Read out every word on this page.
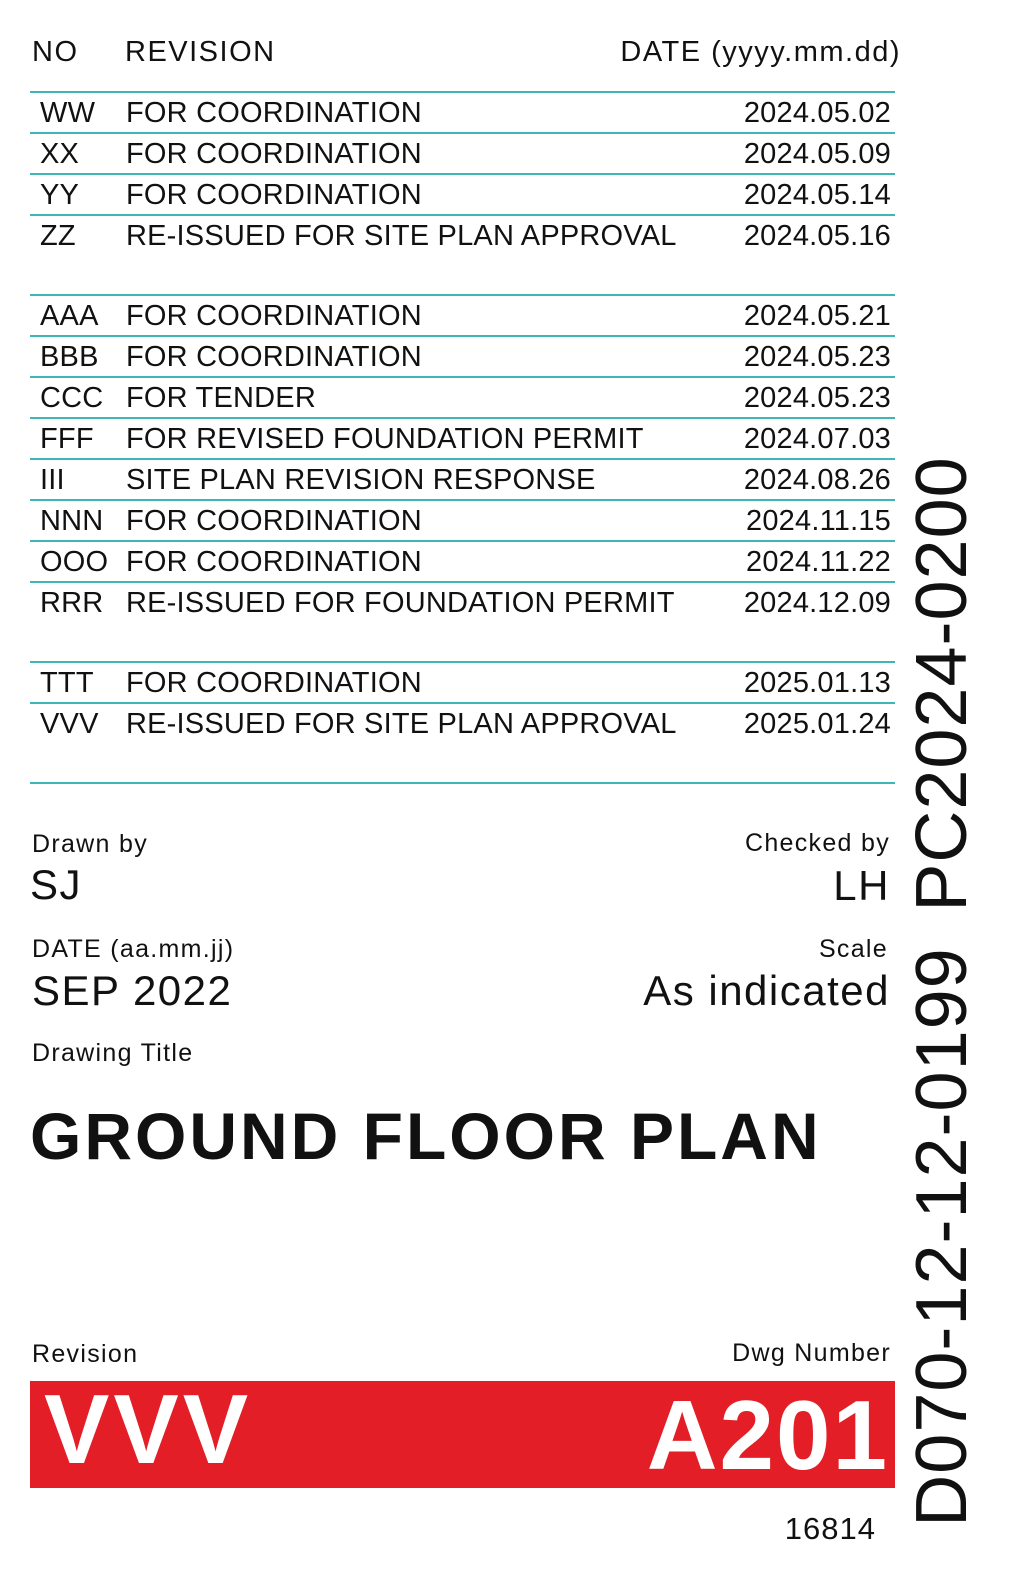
NO REVISION	DATE (yyyy.mm.dd)
WW FOR COORDINATION	2024.05.02
XX FOR COORDINATION	2024.05.09
YY FOR COORDINATION	2024.05.14
ZZ RE-ISSUED FOR SITE PLAN APPROVAL	2024.05.16
AAA FOR COORDINATION	2024.05.21
BBB FOR COORDINATION	2024.05.23
CCC FOR TENDER	2024.05.23
FFF FOR REVISED FOUNDATION PERMIT	2024.07.03
III SITE PLAN REVISION RESPONSE	2024.08.26
NNN FOR COORDINATION	2024.11.15
OOO FOR COORDINATION	2024.11.22
RRR RE-ISSUED FOR FOUNDATION PERMIT	2024.12.09
TTT FOR COORDINATION	2025.01.13
VVV RE-ISSUED FOR SITE PLAN APPROVAL	2025.01.24
Drawn by
SJ
Checked by
LH
DATE (aa.mm.jj)
SEP 2022
Scale
As indicated
Drawing Title
GROUND FLOOR PLAN
Revision	Dwg Number
VVV	A201
16814
PC2024-0200
D070-12-12-0199
